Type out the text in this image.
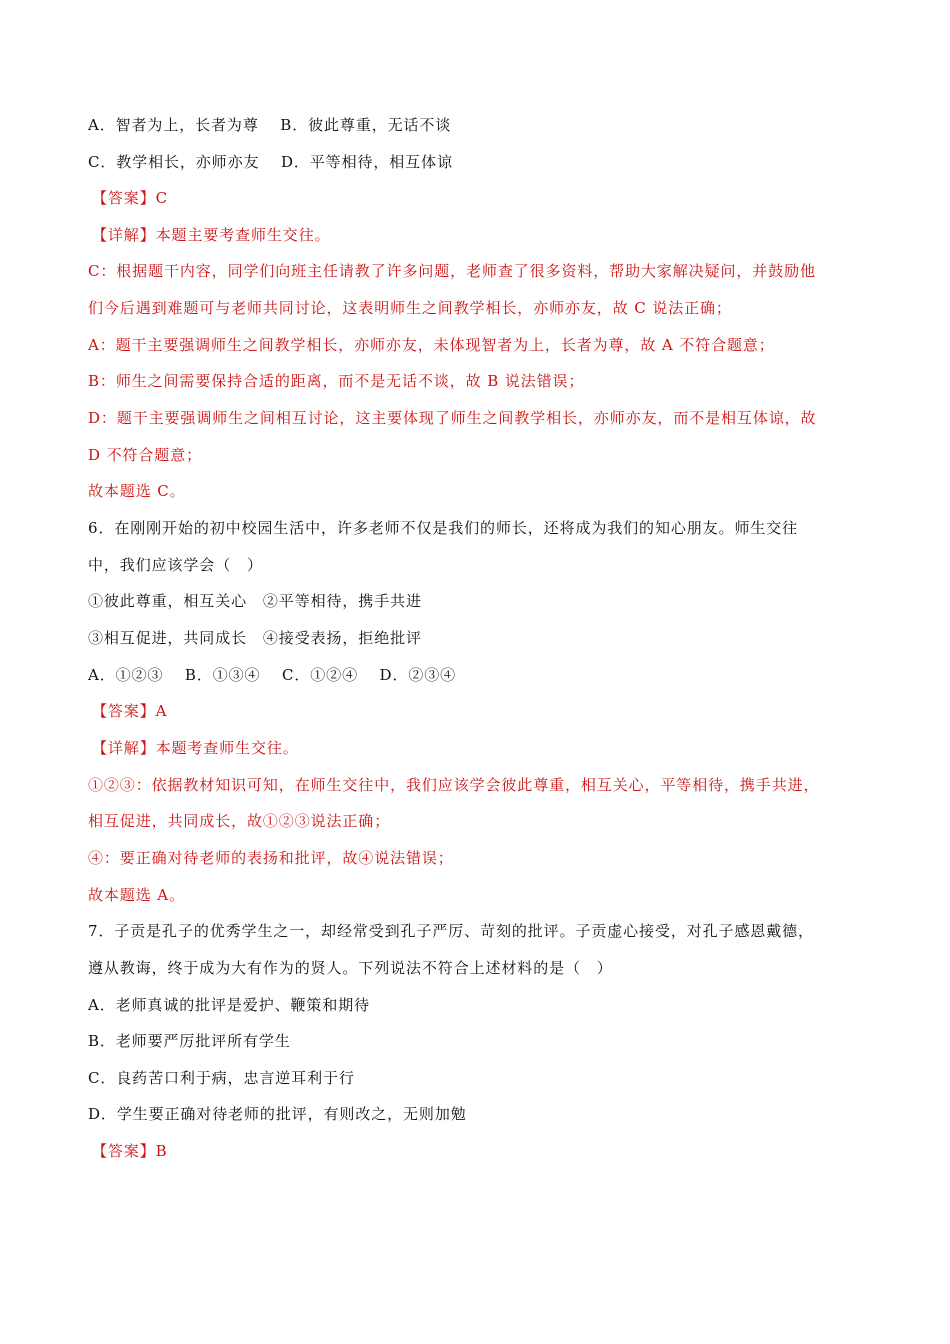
A．智者为上，长者为尊　 B．彼此尊重，无话不谈
C．教学相长，亦师亦友　 D．平等相待，相互体谅
【答案】C
【详解】本题主要考查师生交往。
C：根据题干内容，同学们向班主任请教了许多问题，老师查了很多资料，帮助大家解决疑问，并鼓励他
们今后遇到难题可与老师共同讨论，这表明师生之间教学相长，亦师亦友，故 C 说法正确；
A：题干主要强调师生之间教学相长，亦师亦友，未体现智者为上，长者为尊，故 A 不符合题意；
B：师生之间需要保持合适的距离，而不是无话不谈，故 B 说法错误；
D：题干主要强调师生之间相互讨论，这主要体现了师生之间教学相长，亦师亦友，而不是相互体谅，故
D 不符合题意；
故本题选 C。
6．在刚刚开始的初中校园生活中，许多老师不仅是我们的师长，还将成为我们的知心朋友。师生交往
中，我们应该学会（　）
①彼此尊重，相互关心　②平等相待，携手共进
③相互促进，共同成长　④接受表扬，拒绝批评
A．①②③　 B．①③④　 C．①②④　 D．②③④
【答案】A
【详解】本题考查师生交往。
①②③：依据教材知识可知，在师生交往中，我们应该学会彼此尊重，相互关心，平等相待，携手共进，
相互促进，共同成长，故①②③说法正确；
④：要正确对待老师的表扬和批评，故④说法错误；
故本题选 A。
7．子贡是孔子的优秀学生之一，却经常受到孔子严厉、苛刻的批评。子贡虚心接受，对孔子感恩戴德，
遵从教诲，终于成为大有作为的贤人。下列说法不符合上述材料的是（　）
A．老师真诚的批评是爱护、鞭策和期待
B．老师要严厉批评所有学生
C．良药苦口利于病，忠言逆耳利于行
D．学生要正确对待老师的批评，有则改之，无则加勉
【答案】B
